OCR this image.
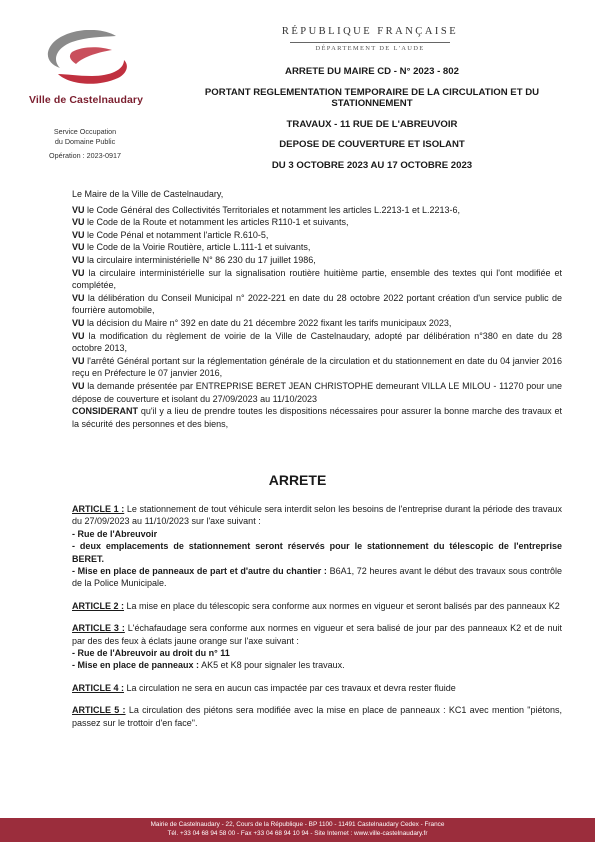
Ville de Castelnaudary
RÉPUBLIQUE FRANÇAISE
DÉPARTEMENT DE L'AUDE
ARRETE DU MAIRE CD - N° 2023 - 802
PORTANT REGLEMENTATION TEMPORAIRE DE LA CIRCULATION ET DU
STATIONNEMENT
TRAVAUX - 11 RUE DE L'ABREUVOIR
DEPOSE DE COUVERTURE ET ISOLANT
DU 3 OCTOBRE 2023 AU 17 OCTOBRE 2023
Service Occupation
du Domaine Public
Opération : 2023-0917

Le Maire de la Ville de Castelnaudary,

VU le Code Général des Collectivités Territoriales et notamment les articles L.2213-1 et L.2213-6,

VU le Code de la Route et notamment les articles R110-1 et suivants,

VU le Code Pénal et notamment l'article R.610-5,

VU le Code de la Voirie Routière, article L.111-1 et suivants,

VU la circulaire interministérielle N° 86 230 du 17 juillet 1986,

VU la circulaire interministérielle sur la signalisation routière huitième partie, ensemble des textes qui l'ont modifiée et complétée,

VU la délibération du Conseil Municipal n° 2022-221 en date du 28 octobre 2022 portant création d'un service public de fourrière automobile,

VU la décision du Maire n° 392 en date du 21 décembre 2022 fixant les tarifs municipaux 2023,

VU la modification du règlement de voirie de la Ville de Castelnaudary, adopté par délibération n°380 en date du 28 octobre 2013,

VU l'arrêté Général portant sur la réglementation générale de la circulation et du stationnement en date du 04 janvier 2016 reçu en Préfecture le 07 janvier 2016,

VU la demande présentée par ENTREPRISE BERET JEAN CHRISTOPHE demeurant VILLA LE MILOU - 11270 pour une dépose de couverture et isolant du 27/09/2023 au 11/10/2023

CONSIDERANT qu'il y a lieu de prendre toutes les dispositions nécessaires pour assurer la bonne marche des travaux et la sécurité des personnes et des biens,

ARRETE
ARTICLE 1 : Le stationnement de tout véhicule sera interdit selon les besoins de l'entreprise durant la période des travaux du 27/09/2023 au 11/10/2023 sur l'axe suivant :
- Rue de l'Abreuvoir
- deux emplacements de stationnement seront réservés pour le stationnement du télescopic de l'entreprise BERET.
- Mise en place de panneaux de part et d'autre du chantier : B6A1, 72 heures avant le début des travaux sous contrôle de la Police Municipale.
ARTICLE 2 : La mise en place du télescopic sera conforme aux normes en vigueur et seront balisés par des panneaux K2
ARTICLE 3 : L'échafaudage sera conforme aux normes en vigueur et sera balisé de jour par des panneaux K2 et de nuit par des des feux à éclats jaune orange sur l'axe suivant :
- Rue de l'Abreuvoir au droit du n° 11
- Mise en place de panneaux : AK5 et K8 pour signaler les travaux.
ARTICLE 4 : La circulation ne sera en aucun cas impactée par ces travaux et devra rester fluide
ARTICLE 5 : La circulation des piétons sera modifiée avec la mise en place de panneaux : KC1 avec mention "piétons, passez sur le trottoir d'en face".
Mairie de Castelnaudary - 22, Cours de la République - BP 1100 - 11491 Castelnaudary Cedex - France
Tél. +33 04 68 94 58 00 - Fax +33 04 68 94 10 94 - Site Internet : www.ville-castelnaudary.fr
